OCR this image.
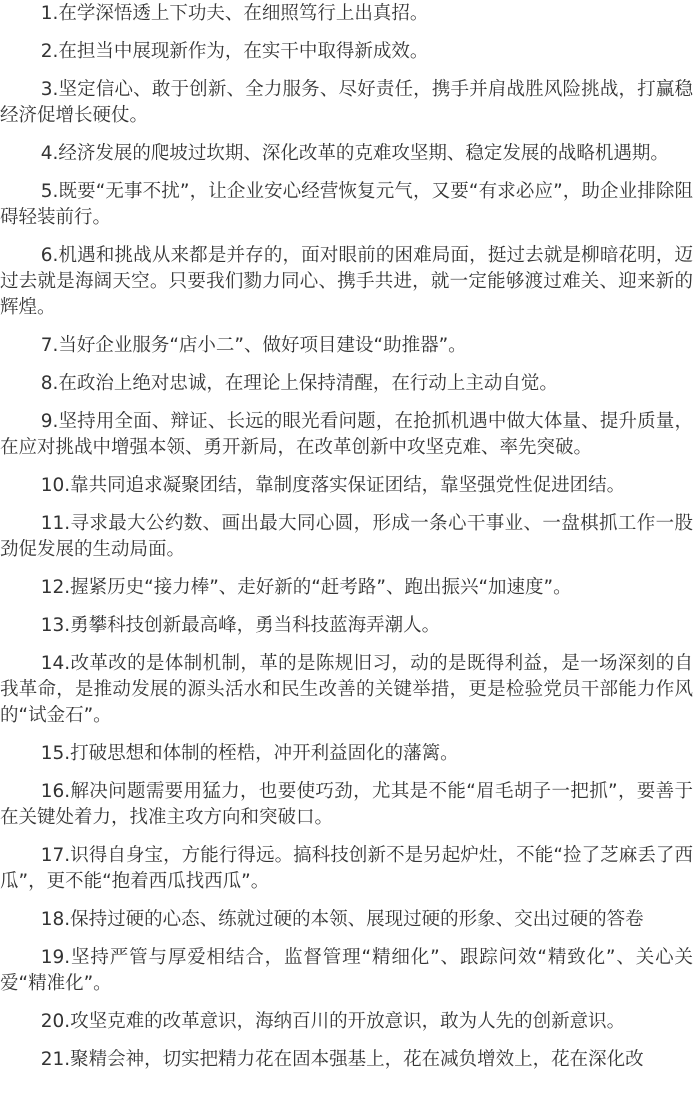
1.在学深悟透上下功夫、在细照笃行上出真招。

2.在担当中展现新作为，在实干中取得新成效。

3.坚定信心、敢于创新、全力服务、尽好责任，携手并肩战胜风险挑战，打赢稳经济促增长硬仗。

4.经济发展的爬坡过坎期、深化改革的克难攻坚期、稳定发展的战略机遇期。

5.既要“无事不扰”，让企业安心经营恢复元气，又要“有求必应”，助企业排除阻碍轻装前行。

6.机遇和挑战从来都是并存的，面对眼前的困难局面，挺过去就是柳暗花明，迈过去就是海阔天空。只要我们勠力同心、携手共进，就一定能够渡过难关、迎来新的辉煌。

7.当好企业服务“店小二”、做好项目建设“助推器”。

8.在政治上绝对忠诚，在理论上保持清醒，在行动上主动自觉。

9.坚持用全面、辩证、长远的眼光看问题，在抢抓机遇中做大体量、提升质量，在应对挑战中增强本领、勇开新局，在改革创新中攻坚克难、率先突破。

10.靠共同追求凝聚团结，靠制度落实保证团结，靠坚强党性促进团结。

11.寻求最大公约数、画出最大同心圆，形成一条心干事业、一盘棋抓工作一股劲促发展的生动局面。

12.握紧历史“接力棒”、走好新的“赶考路”、跑出振兴“加速度”。

13.勇攀科技创新最高峰，勇当科技蓝海弄潮人。

14.改革改的是体制机制，革的是陈规旧习，动的是既得利益，是一场深刻的自我革命，是推动发展的源头活水和民生改善的关键举措，更是检验党员干部能力作风的“试金石”。

15.打破思想和体制的桎梏，冲开利益固化的藩篱。

16.解决问题需要用猛力，也要使巧劲，尤其是不能“眉毛胡子一把抓”，要善于在关键处着力，找准主攻方向和突破口。

17.识得自身宝，方能行得远。搞科技创新不是另起炉灶，不能“捡了芝麻丢了西瓜”，更不能“抱着西瓜找西瓜”。

18.保持过硬的心态、练就过硬的本领、展现过硬的形象、交出过硬的答卷

19.坚持严管与厚爱相结合，监督管理“精细化”、跟踪问效“精致化”、关心关爱“精准化”。

20.攻坚克难的改革意识，海纳百川的开放意识，敢为人先的创新意识。

21.聚精会神，切实把精力花在固本强基上，花在减负增效上，花在深化改
